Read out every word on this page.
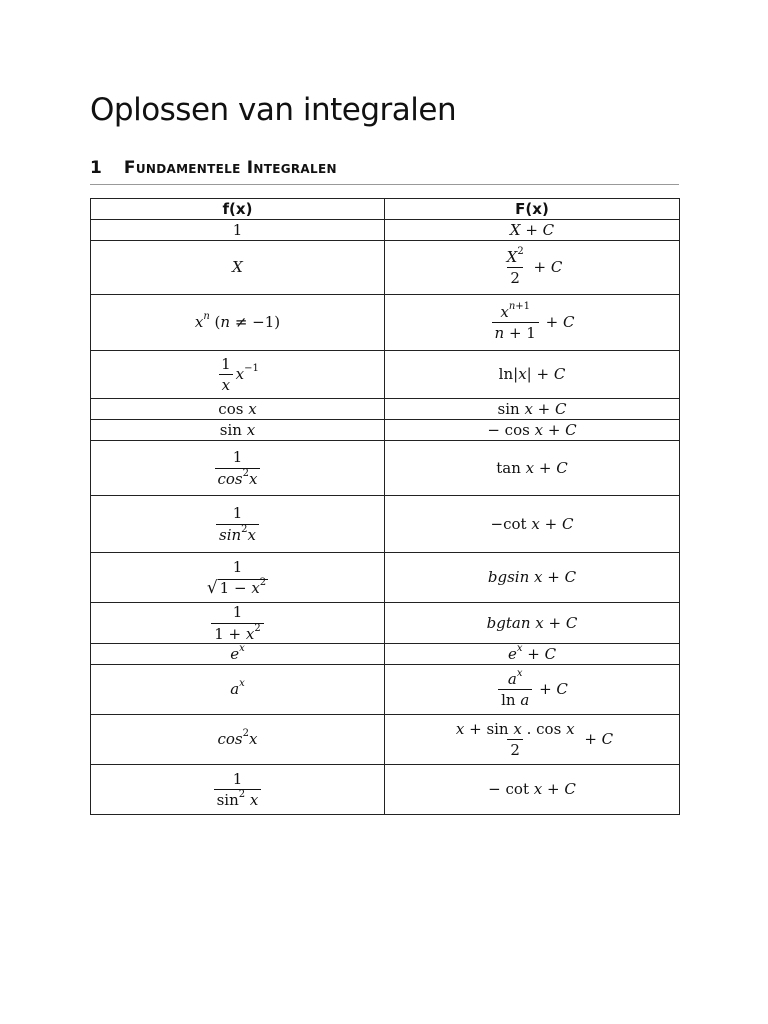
Oplossen van integralen
1 Fundamentele Integralen
f(x)	F(x)
1	X + C
X	$\frac{X^2}{2} + C$
$x^n$ (n ≠ −1)	$\frac{x^{n+1}}{n + 1} + C$

$\frac{1}{x} x^{-1}$	ln|x| + C
cos x	sin x + C
sin x	− cos x + C

$\frac{1}{\cos^2x}$	tan x + C

$\frac{1}{\sin^2x}$	−cot x + C

1
√ $1 - x^2$	bgsin x + C

$\frac{1}{1 + x^2}$	bgtan x + C
$e^x$	$e^x + C$
$a^x$	$\frac{a^x}{\text{ln a}} + C$
$\cos^2x$	$\frac{\text{x + sin x . cos x}}{2} + C$

$\frac{1}{\sin^2 x}$	− cot x + C
